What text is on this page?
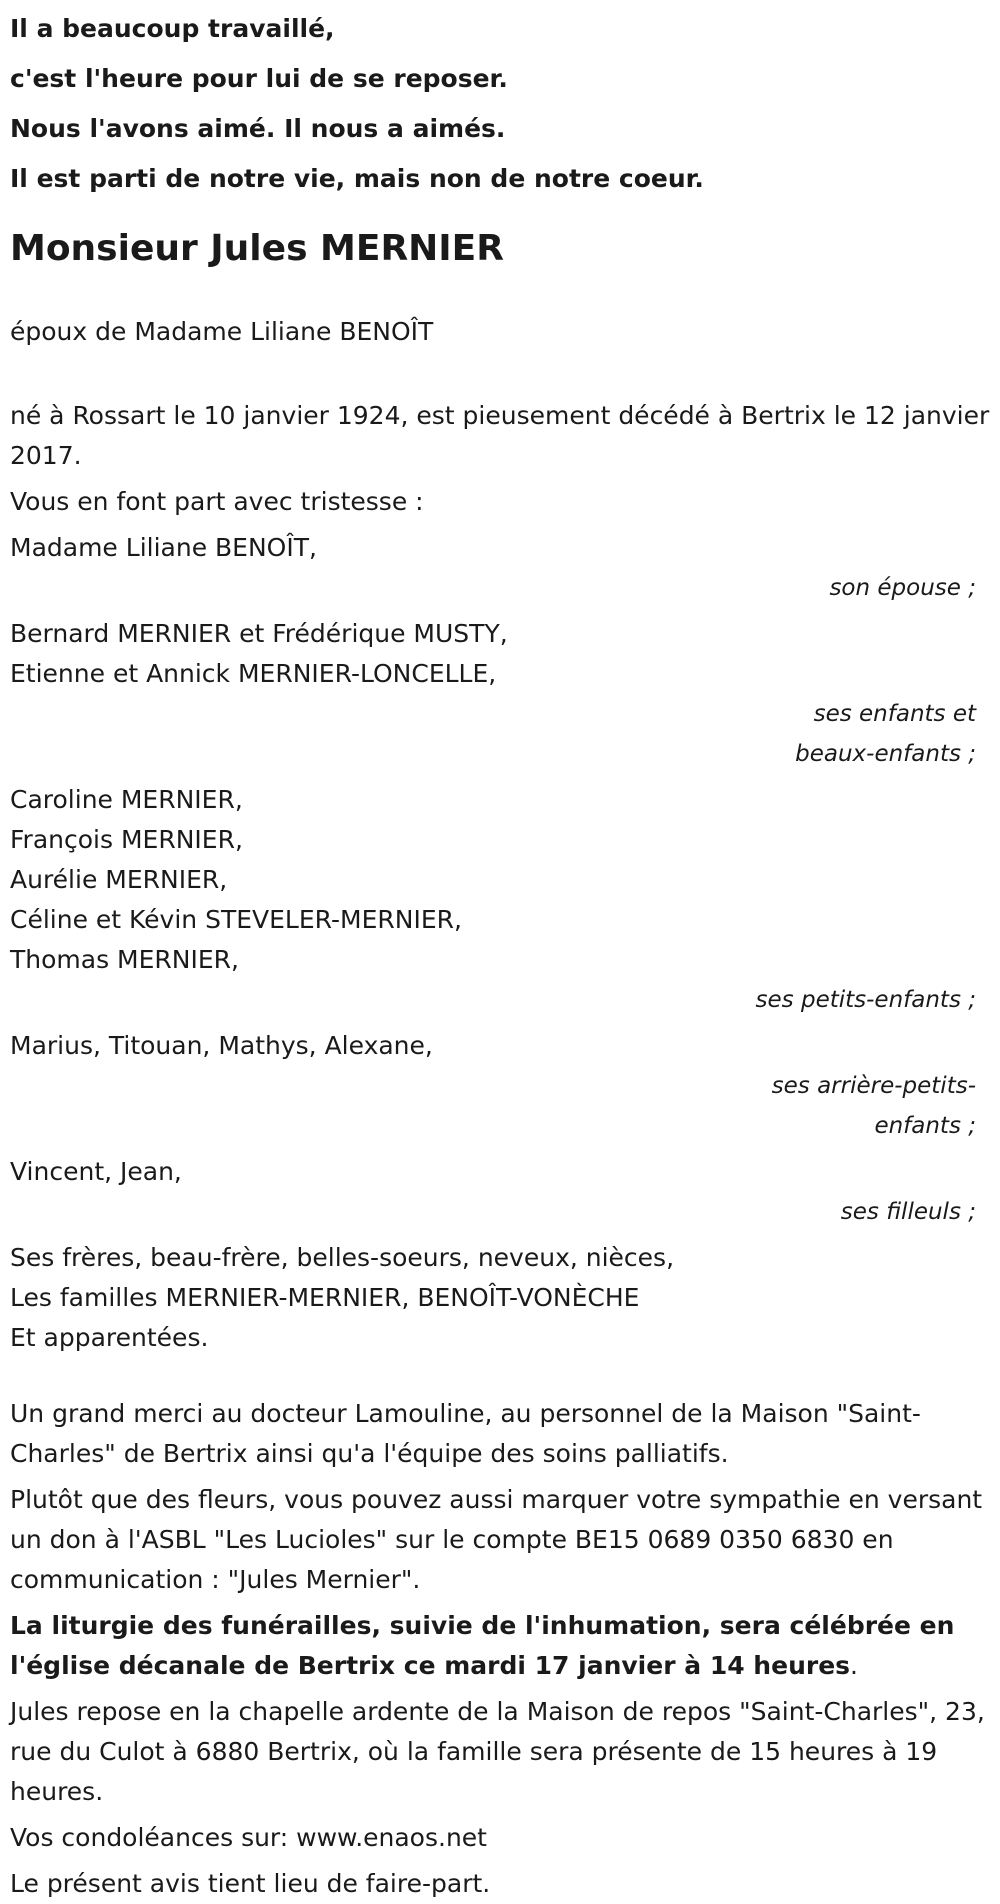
Il a beaucoup travaillé,
c'est l'heure pour lui de se reposer.
Nous l'avons aimé. Il nous a aimés.
Il est parti de notre vie, mais non de notre coeur.
Monsieur Jules MERNIER

époux de Madame Liliane BENOÎT

né à Rossart le 10 janvier 1924, est pieusement décédé à Bertrix le 12 janvier 2017.

Vous en font part avec tristesse :

Madame Liliane BENOÎT,
son épouse ;
Bernard MERNIER et Frédérique MUSTY,
Etienne et Annick MERNIER-LONCELLE,
ses enfants et beaux-enfants ;
Caroline MERNIER,
François MERNIER,
Aurélie MERNIER,
Céline et Kévin STEVELER-MERNIER,
Thomas MERNIER,
ses petits-enfants ;
Marius, Titouan, Mathys, Alexane,
ses arrière-petits-enfants ;
Vincent, Jean,
ses filleuls ;
Ses frères, beau-frère, belles-soeurs, neveux, nièces,
Les familles MERNIER-MERNIER, BENOÎT-VONÈCHE
Et apparentées.

Un grand merci au docteur Lamouline, au personnel de la Maison "Saint-Charles" de Bertrix ainsi qu'a l'équipe des soins palliatifs.

Plutôt que des fleurs, vous pouvez aussi marquer votre sympathie en versant un don à l'ASBL "Les Lucioles" sur le compte BE15 0689 0350 6830 en communication : "Jules Mernier".

La liturgie des funérailles, suivie de l'inhumation, sera célébrée en l'église décanale de Bertrix ce mardi 17 janvier à 14 heures.

Jules repose en la chapelle ardente de la Maison de repos "Saint-Charles", 23, rue du Culot à 6880 Bertrix, où la famille sera présente de 15 heures à 19 heures.

Vos condoléances sur: www.enaos.net

Le présent avis tient lieu de faire-part.
